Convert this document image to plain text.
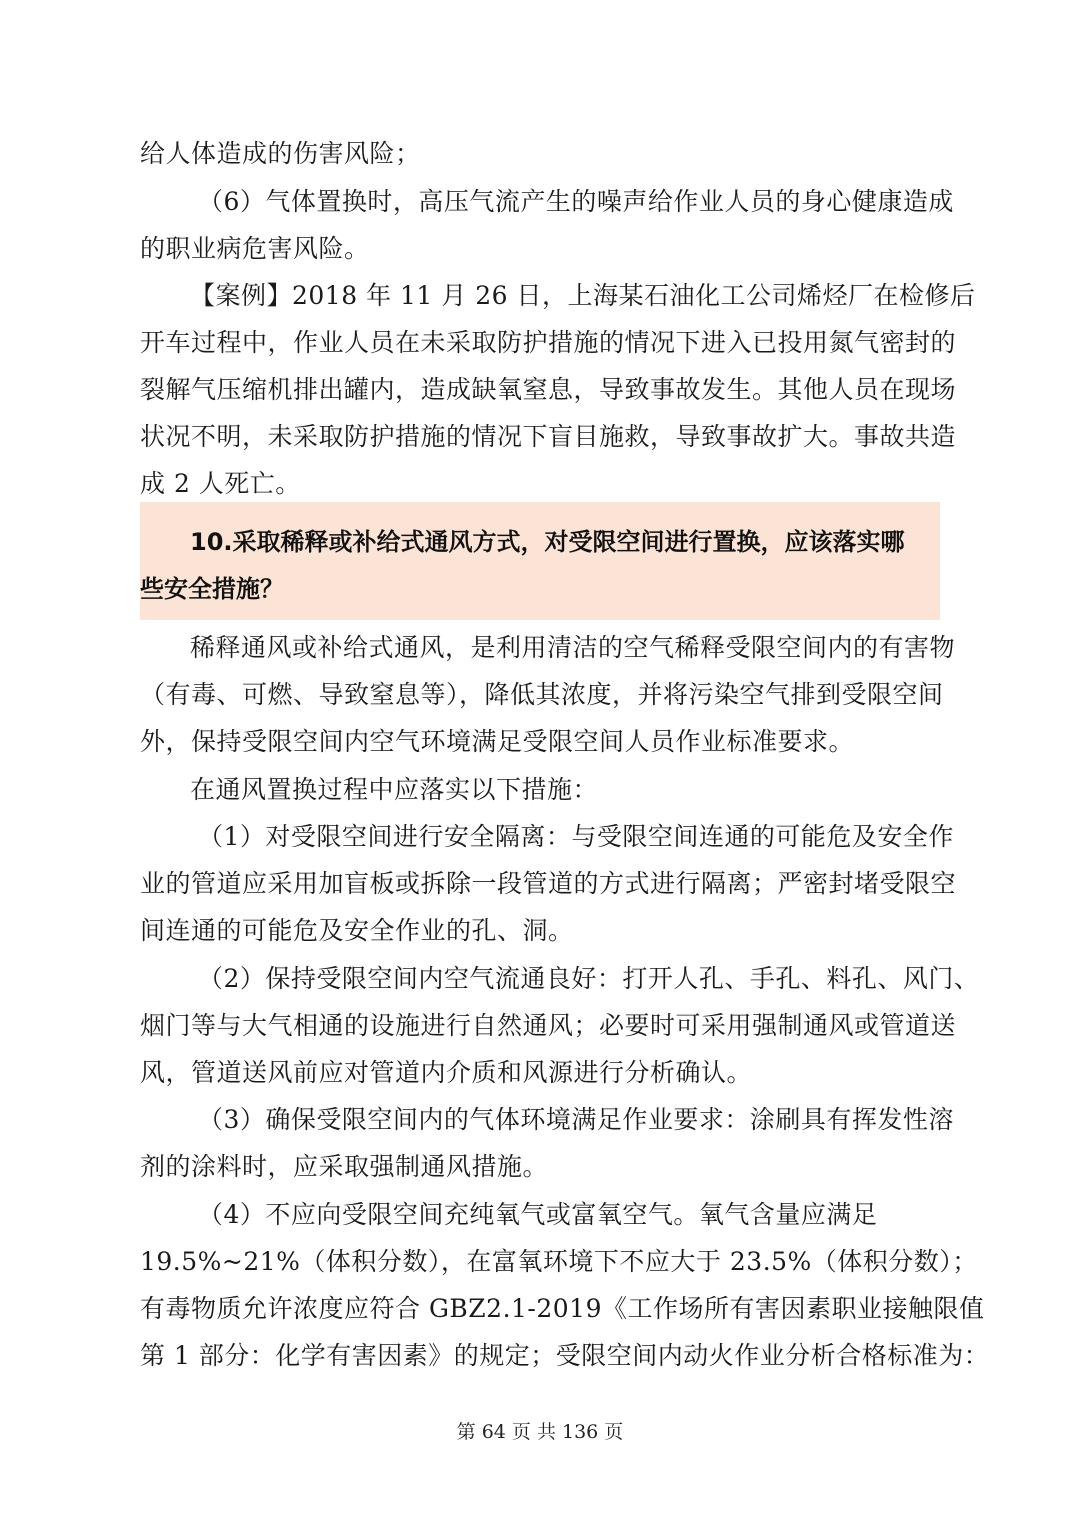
给人体造成的伤害风险；
（6）气体置换时，高压气流产生的噪声给作业人员的身心健康造成
的职业病危害风险。
【案例】2018 年 11 月 26 日，上海某石油化工公司烯烃厂在检修后
开车过程中，作业人员在未采取防护措施的情况下进入已投用氮气密封的
裂解气压缩机排出罐内，造成缺氧窒息，导致事故发生。其他人员在现场
状况不明，未采取防护措施的情况下盲目施救，导致事故扩大。事故共造
成 2 人死亡。
10.采取稀释或补给式通风方式，对受限空间进行置换，应该落实哪
些安全措施？
稀释通风或补给式通风，是利用清洁的空气稀释受限空间内的有害物
（有毒、可燃、导致窒息等），降低其浓度，并将污染空气排到受限空间
外，保持受限空间内空气环境满足受限空间人员作业标准要求。
在通风置换过程中应落实以下措施：
（1）对受限空间进行安全隔离：与受限空间连通的可能危及安全作
业的管道应采用加盲板或拆除一段管道的方式进行隔离；严密封堵受限空
间连通的可能危及安全作业的孔、洞。
（2）保持受限空间内空气流通良好：打开人孔、手孔、料孔、风门、
烟门等与大气相通的设施进行自然通风；必要时可采用强制通风或管道送
风，管道送风前应对管道内介质和风源进行分析确认。
（3）确保受限空间内的气体环境满足作业要求：涂刷具有挥发性溶
剂的涂料时，应采取强制通风措施。
（4）不应向受限空间充纯氧气或富氧空气。氧气含量应满足
19.5%~21%（体积分数），在富氧环境下不应大于 23.5%（体积分数）；
有毒物质允许浓度应符合 GBZ2.1-2019《工作场所有害因素职业接触限值
第 1 部分：化学有害因素》的规定；受限空间内动火作业分析合格标准为：
第 64 页 共 136 页
